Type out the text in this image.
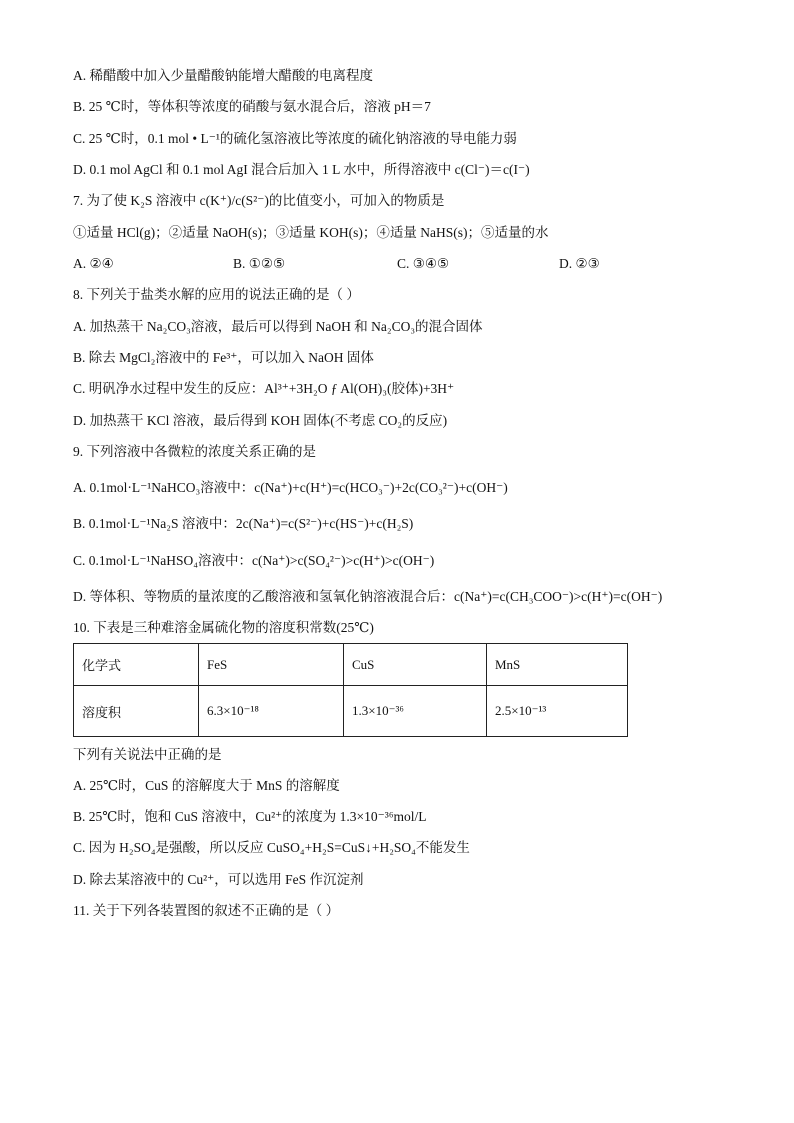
A. 稀醋酸中加入少量醋酸钠能增大醋酸的电离程度
B. 25 ℃时，等体积等浓度的硝酸与氨水混合后，溶液 pH＝7
C. 25 ℃时，0.1 mol • L⁻¹的硫化氢溶液比等浓度的硫化钠溶液的导电能力弱
D. 0.1 mol AgCl 和 0.1 mol AgI 混合后加入 1 L 水中，所得溶液中 c(Cl⁻)＝c(I⁻)
7. 为了使 K₂S 溶液中 c(K⁺)/c(S²⁻)的比值变小，可加入的物质是
①适量 HCl(g)；②适量 NaOH(s)；③适量 KOH(s)；④适量 NaHS(s)；⑤适量的水
A. ②④	B. ①②⑤	C. ③④⑤	D. ②③
8. 下列关于盐类水解的应用的说法正确的是（ ）
A. 加热蒸干 Na₂CO₃溶液，最后可以得到 NaOH 和 Na₂CO₃的混合固体
B. 除去 MgCl₂溶液中的 Fe³⁺，可以加入 NaOH 固体
C. 明矾净水过程中发生的反应：Al³⁺+3H₂O ƒ Al(OH)₃(胶体)+3H⁺
D. 加热蒸干 KCl 溶液，最后得到 KOH 固体(不考虑 CO₂的反应)
9. 下列溶液中各微粒的浓度关系正确的是
A. 0.1mol·L⁻¹NaHCO₃溶液中：c(Na⁺)+c(H⁺)=c(HCO₃⁻)+2c(CO₃²⁻)+c(OH⁻)
B. 0.1mol·L⁻¹Na₂S 溶液中：2c(Na⁺)=c(S²⁻)+c(HS⁻)+c(H₂S)
C. 0.1mol·L⁻¹NaHSO₄溶液中：c(Na⁺)>c(SO₄²⁻)>c(H⁺)>c(OH⁻)
D. 等体积、等物质的量浓度的乙酸溶液和氢氧化钠溶液混合后：c(Na⁺)=c(CH₃COO⁻)>c(H⁺)=c(OH⁻)
10. 下表是三种难溶金属硫化物的溶度积常数(25℃)
化学式	FeS	CuS	MnS
溶度积	6.3×10⁻¹⁸	1.3×10⁻³⁶	2.5×10⁻¹³
下列有关说法中正确的是
A. 25℃时，CuS 的溶解度大于 MnS 的溶解度
B. 25℃时，饱和 CuS 溶液中，Cu²⁺的浓度为 1.3×10⁻³⁶mol/L
C. 因为 H₂SO₄是强酸，所以反应 CuSO₄+H₂S=CuS↓+H₂SO₄不能发生
D. 除去某溶液中的 Cu²⁺，可以选用 FeS 作沉淀剂
11. 关于下列各装置图的叙述不正确的是（ ）
